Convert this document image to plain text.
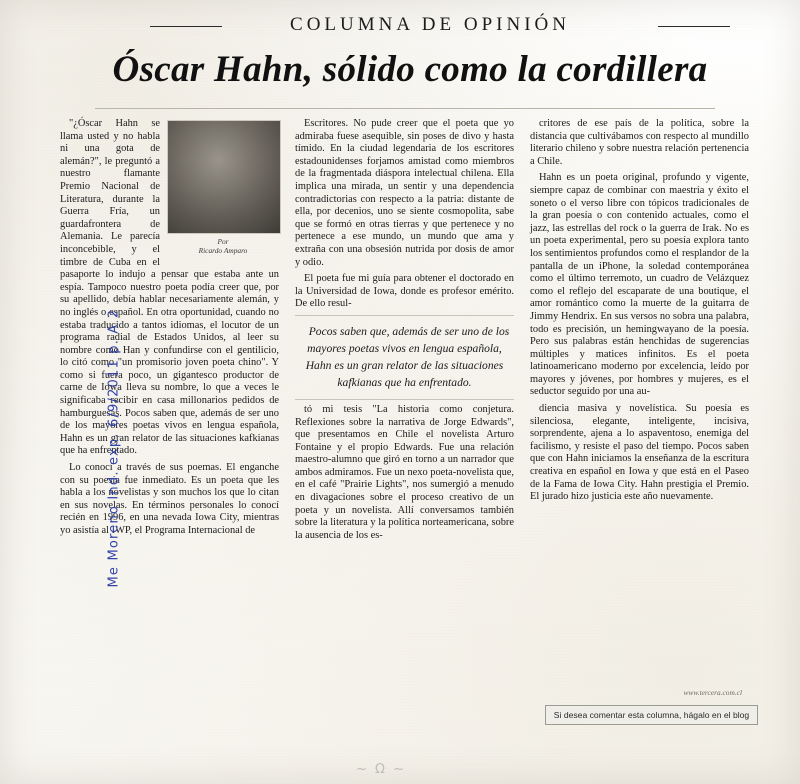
COLUMNA DE OPINIÓN
Óscar Hahn, sólido como la cordillera
Por
Ricardo Amparo

"¿Óscar Hahn se llama usted y no habla ni una gota de alemán?", le preguntó a nuestro flamante Premio Nacional de Literatura, durante la Guerra Fría, un guardafrontera de Alemania. Le parecía inconcebible, y el timbre de Cuba en el pasaporte lo indujo a pensar que estaba ante un espía. Tampoco nuestro poeta podía creer que, por su apellido, debía hablar necesariamente alemán, y no inglés o español. En otra oportunidad, cuando no estaba traducido a tantos idiomas, el locutor de un programa radial de Estados Unidos, al leer su nombre como Han y confundirse con el gentilicio, lo citó como "un promisorio joven poeta chino". Y como si fuera poco, un gigantesco productor de carne de Iowa lleva su nombre, lo que a veces le significaba recibir en casa millonarios pedidos de hamburguesas. Pocos saben que, además de ser uno de los mayores poetas vivos en lengua española, Hahn es un gran relator de las situaciones kafkianas que ha enfrentado.

Lo conocí a través de sus poemas. El enganche con su poesía fue inmediato. Es un poeta que les habla a los novelistas y son muchos los que lo citan en sus novelas. En términos personales lo conocí recién en 1996, en una nevada Iowa City, mientras yo asistía al IWP, el Programa Internacional de

Escritores. No pude creer que el poeta que yo admiraba fuese asequible, sin poses de divo y hasta tímido. En la ciudad legendaria de los escritores estadounidenses forjamos amistad como miembros de la fragmentada diáspora intelectual chilena. Ella implica una mirada, un sentir y una dependencia contradictorias con respecto a la patria: distante de ella, por decenios, uno se siente cosmopolita, sabe que se formó en otras tierras y que pertenece y no pertenece a ese mundo, un mundo que ama y extraña con una obsesión nutrida por dosis de amor y odio.

El poeta fue mi guía para obtener el doctorado en la Universidad de Iowa, donde es profesor emérito. De ello resul-

Pocos saben que, además de ser uno de los mayores poetas vivos en lengua española, Hahn es un gran relator de las situaciones kafkianas que ha enfrentado.

tó mi tesis "La historia como conjetura. Reflexiones sobre la narrativa de Jorge Edwards", que presentamos en Chile el novelista Arturo Fontaine y el propio Edwards. Fue una relación maestro-alumno que giró en torno a un narrador que ambos admiramos. Fue un nexo poeta-novelista que, en el café "Prairie Lights", nos sumergió a menudo en divagaciones sobre el proceso creativo de un poeta y un novelista. Allí conversamos también sobre la literatura y la política norteamericana, sobre la ausencia de los es-

critores de ese país de la política, sobre la distancia que cultivábamos con respecto al mundillo literario chileno y sobre nuestra relación pertenencia a Chile.

Hahn es un poeta original, profundo y vigente, siempre capaz de combinar con maestría y éxito el soneto o el verso libre con tópicos tradicionales de la gran poesía o con contenido actuales, como el jazz, las estrellas del rock o la guerra de Irak. No es un poeta experimental, pero su poesía explora tanto los sentimientos profundos como el resplandor de la pantalla de un iPhone, la soledad contemporánea como el último terremoto, un cuadro de Velázquez como el reflejo del escaparate de una boutique, el amor romántico como la muerte de la guitarra de Jimmy Hendrix. En sus versos no sobra una palabra, todo es precisión, un hemingwayano de la poesía. Pero sus palabras están henchidas de sugerencias múltiples y matices infinitos. Es el poeta latinoamericano moderno por excelencia, leído por mayores y jóvenes, por hombres y mujeres, es el seductor seguido por una au-

diencia masiva y novelística. Su poesía es silenciosa, elegante, inteligente, incisiva, sorprendente, ajena a lo aspaventoso, enemiga del facilismo, y resiste el paso del tiempo. Pocos saben que con Hahn iniciamos la enseñanza de la escritura creativa en español en Iowa y que está en el Paseo de la Fama de Iowa City. Hahn prestigia el Premio. El jurado hizo justicia este año nuevamente.

www.tercera.com.cl
Si desea comentar esta columna, hágalo en el blog
Me Moreno Ind. exp. 6/9/2011 p. A 2
~ Ω ~
